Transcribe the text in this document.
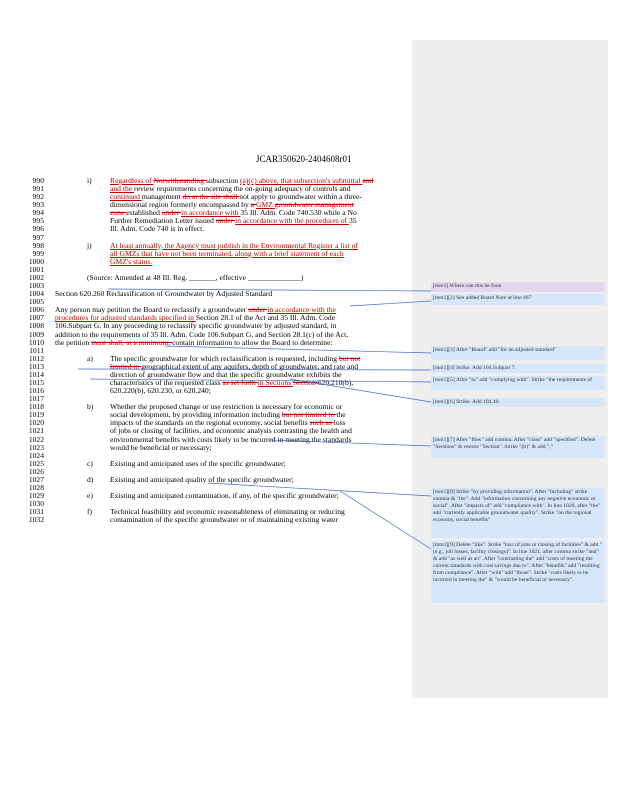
JCAR350620-2404608r01
990
991
992
993
994
995
996
997
998
999
1000
1001
1002
1003
1004
1005
1006
1007
1008
1009
1010
1011
1012
1013
1014
1015
1016
1017
1018
1019
1020
1021
1022
1023
1024
1025
1026
1027
1028
1029
1030
1031
1032
i) Regardless of Notwithstanding subsection (a)(c) above, that subsection's submittal and
and the review requirements concerning the on-going adequacy of controls and
continued management do at the site shall not apply to groundwater within a three-
dimensional region formerly encompassed by a GMZ groundwater management
zone established under in accordance with 35 Ill. Adm. Code 740.530 while a No
Further Remediation Letter issued under in accordance with the procedures of 35
Ill. Adm. Code 740 is in effect.
j) At least annually, the Agency must publish in the Environmental Register a list of
all GMZs that have not been terminated, along with a brief statement of each
GMZ's status.
(Source: Amended at 48 Ill. Reg. _______, effective ______________)
Section 620.260 Reclassification of Groundwater by Adjusted Standard
Any person may petition the Board to reclassify a groundwater under in accordance with the
procedures for adjusted standards specified in Section 28.1 of the Act and 35 Ill. Adm. Code
106.Subpart G. In any proceeding to reclassify specific groundwater by adjusted standard, in
addition to the requirements of 35 Ill. Adm. Code 106.Subpart G, and Section 28.1(c) of the Act,
the petition must shall, at a minimum, contain information to allow the Board to determine:
a) The specific groundwater for which reclassification is requested, including but not
limited to geographical extent of any aquifers, depth of groundwater, and rate and
direction of groundwater flow and that the specific groundwater exhibits the
characteristics of the requested class as set forth in Sections Section 620.210(b),
620.220(b), 620.230, or 620.240;
b) Whether the proposed change or use restriction is necessary for economic or
social development, by providing information including but not limited to the
impacts of the standards on the regional economy, social benefits such as loss
of jobs or closing of facilities, and economic analysis contrasting the health and
environmental benefits with costs likely to be incurred in meeting the standards
would be beneficial or necessary;
c) Existing and anticipated uses of the specific groundwater;
d) Existing and anticipated quality of the specific groundwater;
e) Existing and anticipated contamination, if any, of the specific groundwater;
f) Technical feasibility and economic reasonableness of eliminating or reducing
contamination of the specific groundwater or of maintaining existing water
[mm1] Where can this be foun
[mm1][2] See added Board Note at line 467
[mm1][3] After "Board" add "for an adjusted standard"
[mm1][4] Strike. Add 104.Subpart 7.
[mm1][5] After "to" add "complying with". Strike "the requirements of
[mm1][6] Strike. Add 104.40.
[mm1][7] After "flow" add comma. After "class" add "specified". Delete "Sections" & restore "Section". Strike "(b)" & add ","
[mm1][8] Strike "by providing information". After "including" strike comma & "the". Add "information concerning any negative economic or social". After "impacts of" add "compliance with". In line 1020, after "the" add "currently applicable groundwater quality". Strike "on the regional economy, social benefits"
[mm1][9] Delete "like". Strike "loss of jobs or closing of facilities" & add "(e.g., job losses, facility closings)". In line 1021, after comma strike "and" & add "as well as an". After "contrasting the" add "costs of meeting the current standards with cost savings due to". After "benefits" add "resulting from compliance". After "with" add "those". Strike "costs likely to be incurred in meeting the" & "would be beneficial or necessary".
